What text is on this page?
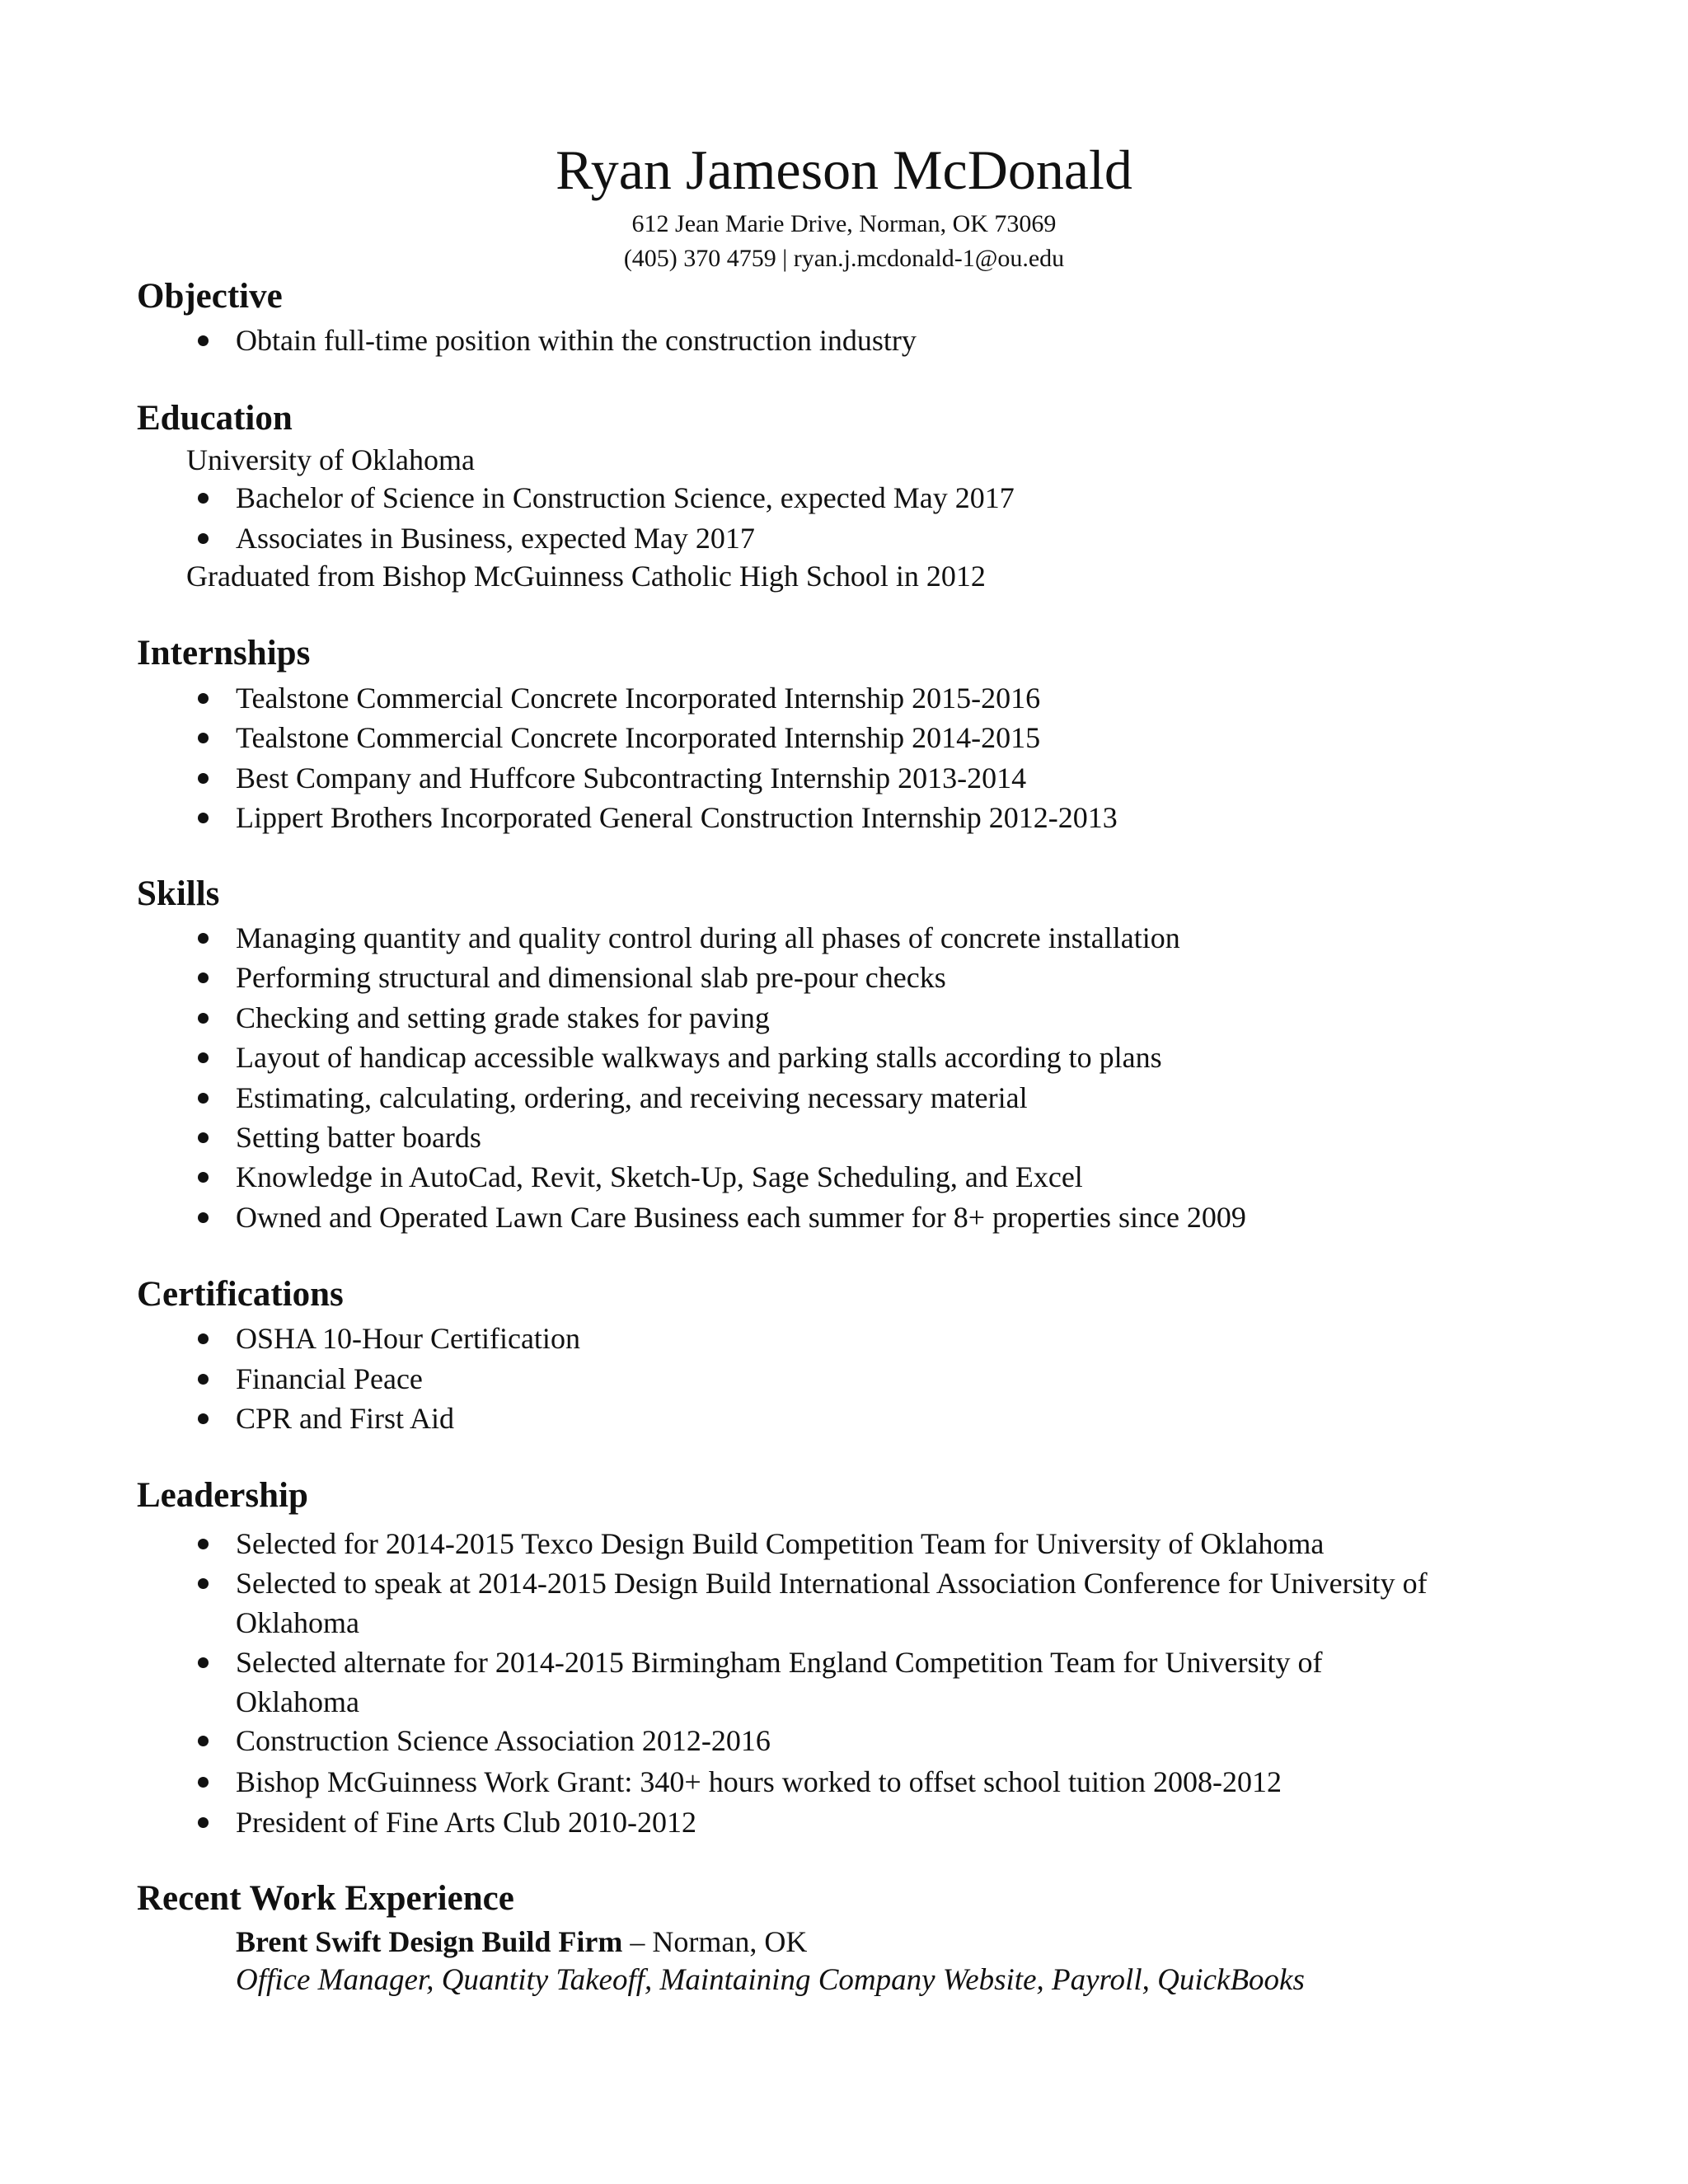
Ryan Jameson McDonald
612 Jean Marie Drive, Norman, OK 73069
(405) 370 4759 | ryan.j.mcdonald-1@ou.edu
Objective
Obtain full-time position within the construction industry
Education
University of Oklahoma
Bachelor of Science in Construction Science, expected May 2017
Associates in Business, expected May 2017
Graduated from Bishop McGuinness Catholic High School in 2012
Internships
Tealstone Commercial Concrete Incorporated Internship 2015-2016
Tealstone Commercial Concrete Incorporated Internship 2014-2015
Best Company and Huffcore Subcontracting Internship 2013-2014
Lippert Brothers Incorporated General Construction Internship 2012-2013
Skills
Managing quantity and quality control during all phases of concrete installation
Performing structural and dimensional slab pre-pour checks
Checking and setting grade stakes for paving
Layout of handicap accessible walkways and parking stalls according to plans
Estimating, calculating, ordering, and receiving necessary material
Setting batter boards
Knowledge in AutoCad, Revit, Sketch-Up, Sage Scheduling, and Excel
Owned and Operated Lawn Care Business each summer for 8+ properties since 2009
Certifications
OSHA 10-Hour Certification
Financial Peace
CPR and First Aid
Leadership
Selected for 2014-2015 Texco Design Build Competition Team for University of Oklahoma
Selected to speak at 2014-2015 Design Build International Association Conference for University of Oklahoma
Selected alternate for 2014-2015 Birmingham England Competition Team for University of Oklahoma
Construction Science Association 2012-2016
Bishop McGuinness Work Grant: 340+ hours worked to offset school tuition 2008-2012
President of Fine Arts Club 2010-2012
Recent Work Experience
Brent Swift Design Build Firm – Norman, OK
Office Manager, Quantity Takeoff, Maintaining Company Website, Payroll, QuickBooks
